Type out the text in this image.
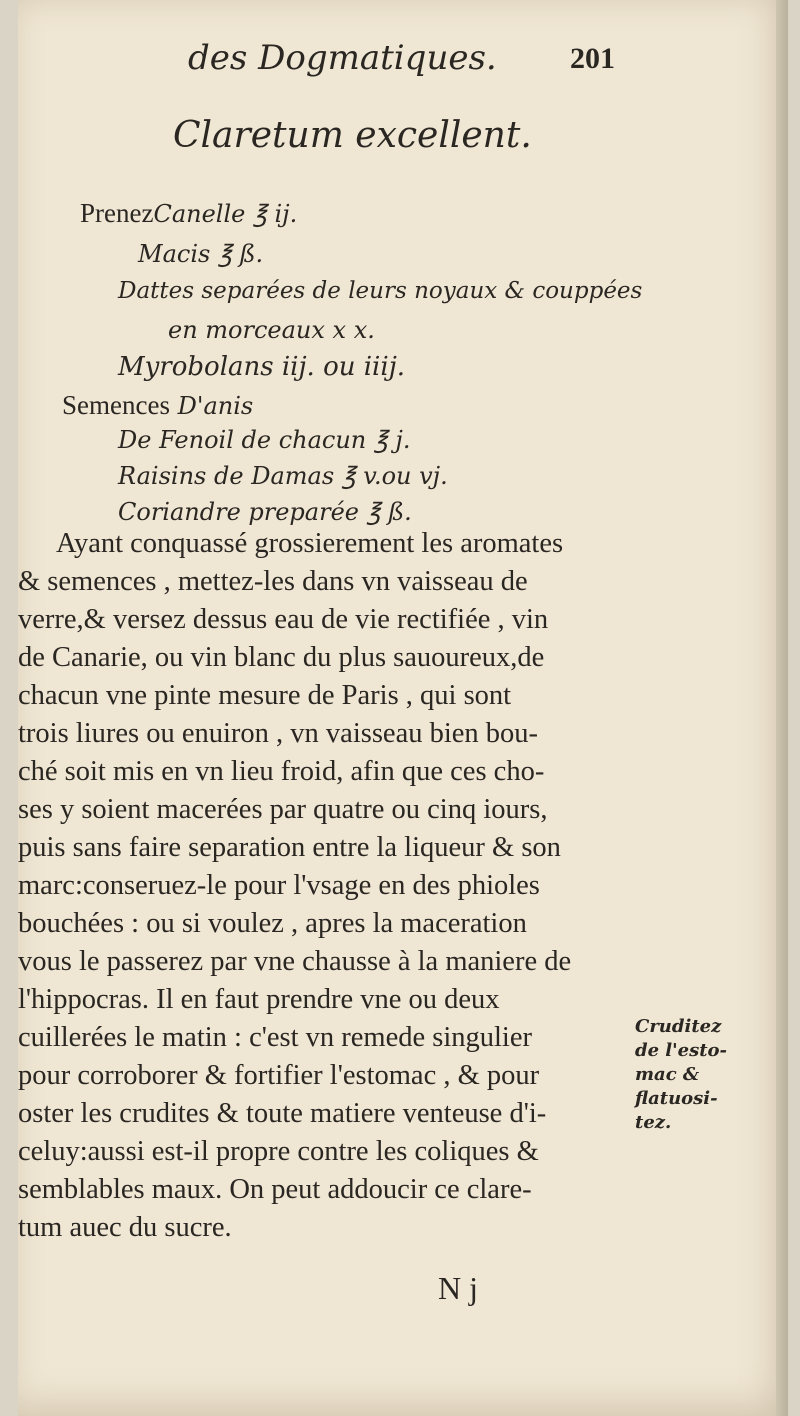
des Dogmatiques. 201
Claretum excellent.
PrenezCanelle ℥ ij.
Macis ℥ ß.
Dattes separées de leurs noyaux & couppées
en morceaux x x.
Myrobolans iij. ou iiij.
Semences D'anis
De Fenoil de chacun ℥ j.
Raisins de Damas ℥ v.ou vj.
Coriandre preparée ℥ ß.
Ayant conquassé grossierement les aromates
& semences , mettez-les dans vn vaisseau de
verre,& versez dessus eau de vie rectifiée , vin
de Canarie, ou vin blanc du plus sauoureux,de
chacun vne pinte mesure de Paris , qui sont
trois liures ou enuiron , vn vaisseau bien bou-
ché soit mis en vn lieu froid, afin que ces cho-
ses y soient macerées par quatre ou cinq iours,
puis sans faire separation entre la liqueur & son
marc:conseruez-le pour l'vsage en des phioles
bouchées : ou si voulez , apres la maceration
vous le passerez par vne chausse à la maniere de
l'hippocras. Il en faut prendre vne ou deux
cuillerées le matin : c'est vn remede singulier
pour corroborer & fortifier l'estomac , & pour
oster les crudites & toute matiere venteuse d'i-
celuy:aussi est-il propre contre les coliques &
semblables maux. On peut addoucir ce clare-
tum auec du sucre.
Cruditez
de l'esto-
mac &
flatuosi-
tez.
N j
